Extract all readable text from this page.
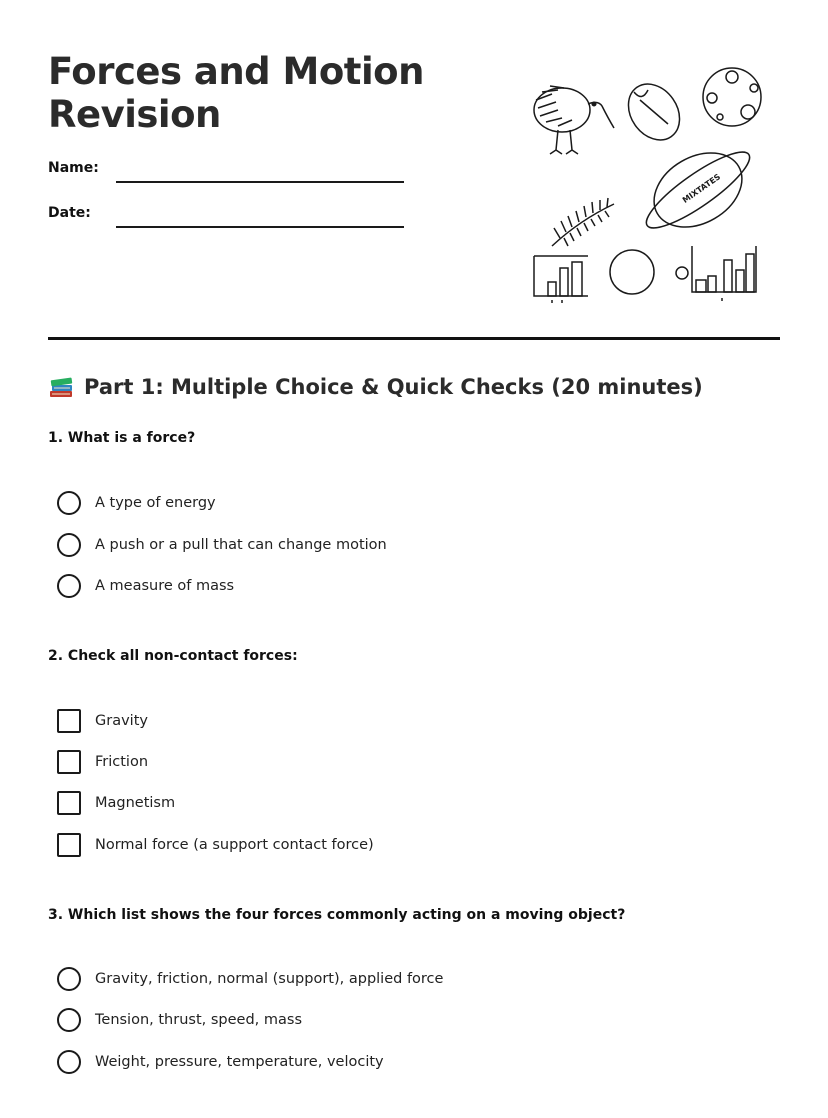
Forces and Motion
Revision
Name:
Date:
MIXTATES
Part 1: Multiple Choice & Quick Checks (20 minutes)
1. What is a force?
A type of energy
A push or a pull that can change motion
A measure of mass
2. Check all non-contact forces:
Gravity
Friction
Magnetism
Normal force (a support contact force)
3. Which list shows the four forces commonly acting on a moving object?
Gravity, friction, normal (support), applied force
Tension, thrust, speed, mass
Weight, pressure, temperature, velocity
